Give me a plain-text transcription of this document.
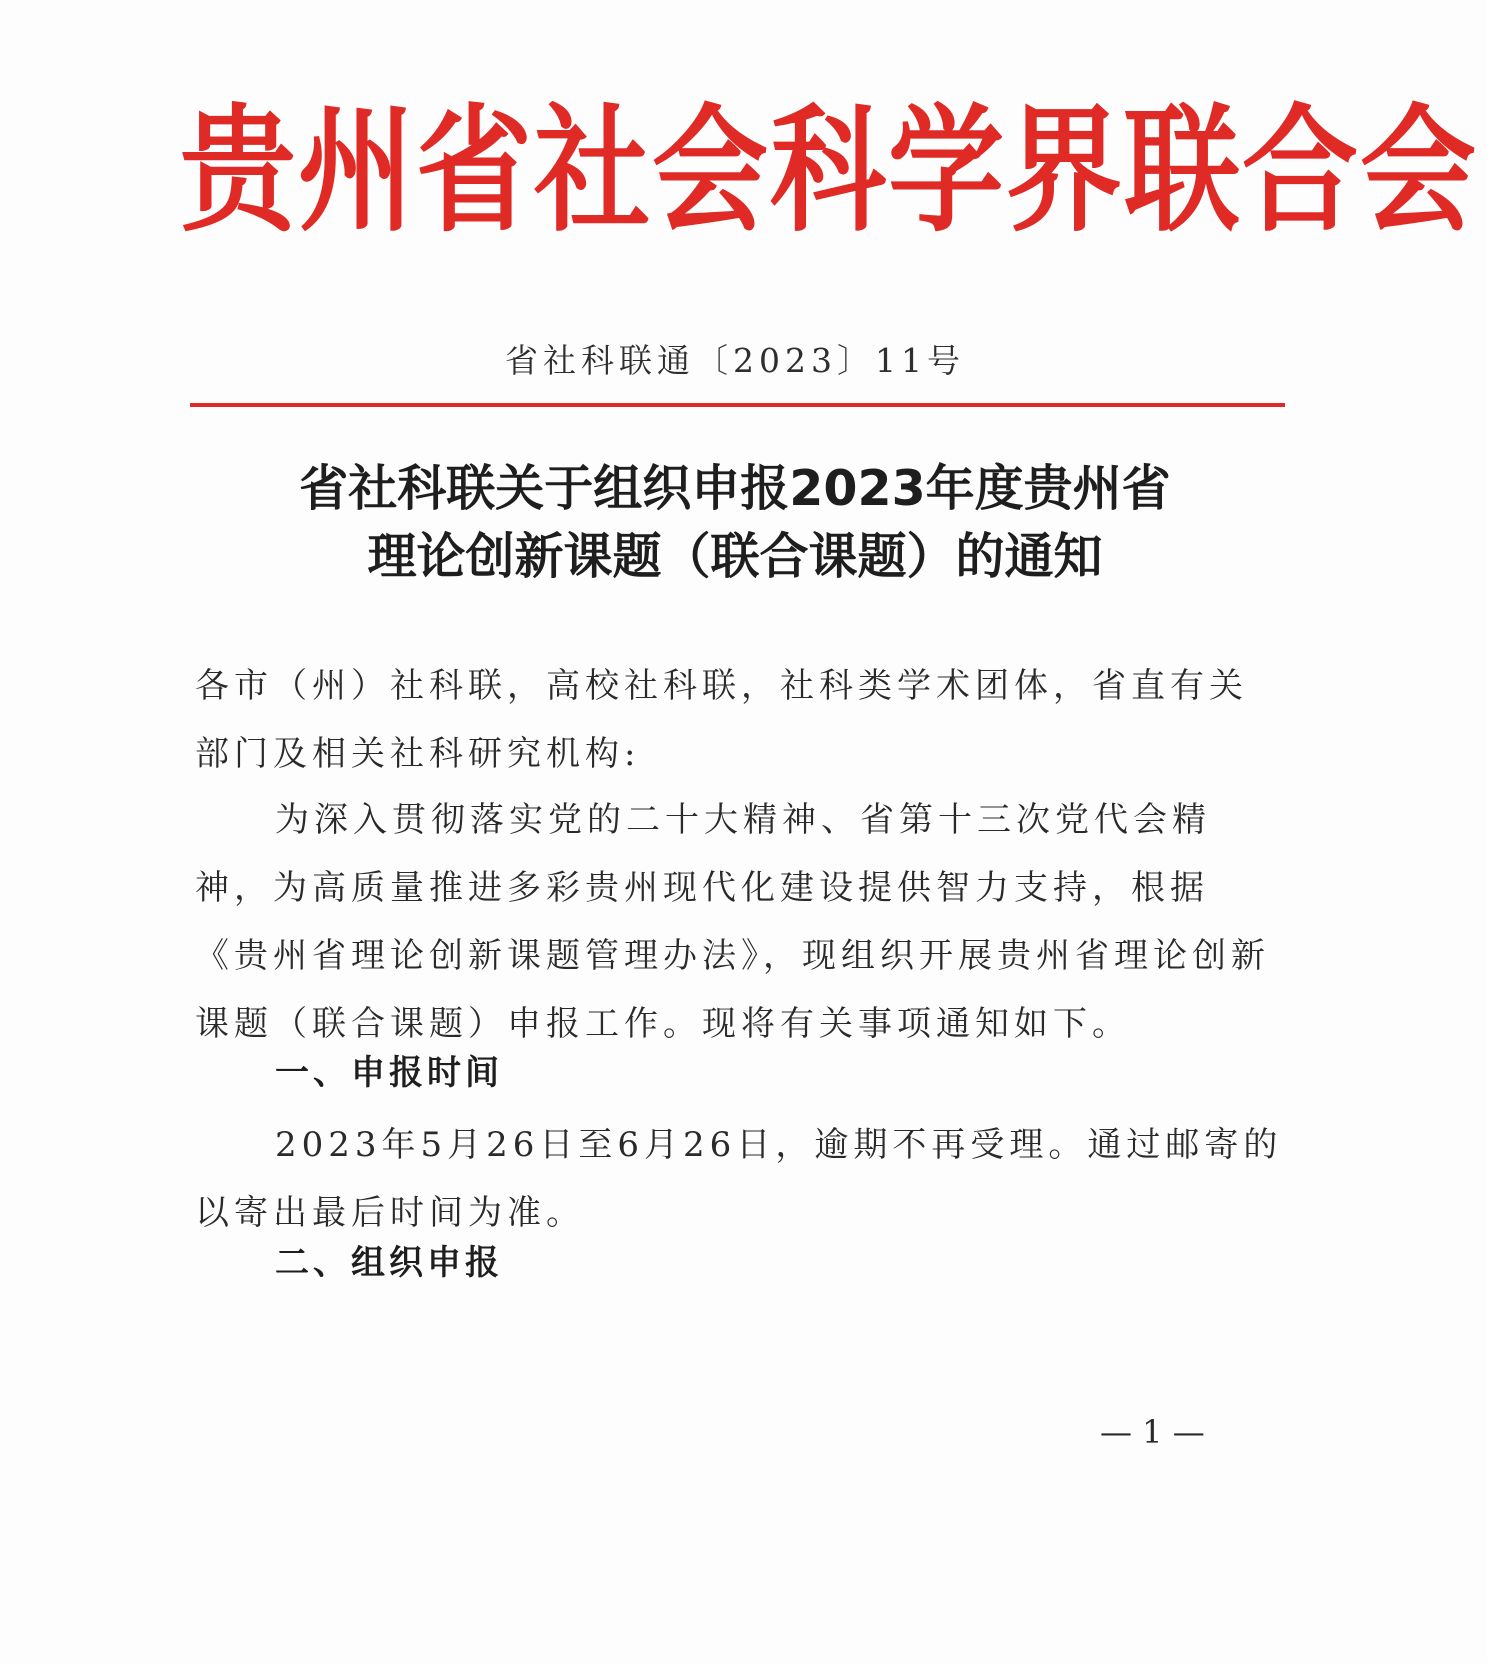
贵州省社会科学界联合会
省社科联通〔2023〕11号
省社科联关于组织申报2023年度贵州省
理论创新课题（联合课题）的通知
各市（州）社科联，高校社科联，社科类学术团体，省直有关部门及相关社科研究机构:
为深入贯彻落实党的二十大精神、省第十三次党代会精神，为高质量推进多彩贵州现代化建设提供智力支持，根据《贵州省理论创新课题管理办法》，现组织开展贵州省理论创新课题（联合课题）申报工作。现将有关事项通知如下。
一、申报时间
2023年5月26日至6月26日，逾期不再受理。通过邮寄的以寄出最后时间为准。
二、组织申报
— 1 —
